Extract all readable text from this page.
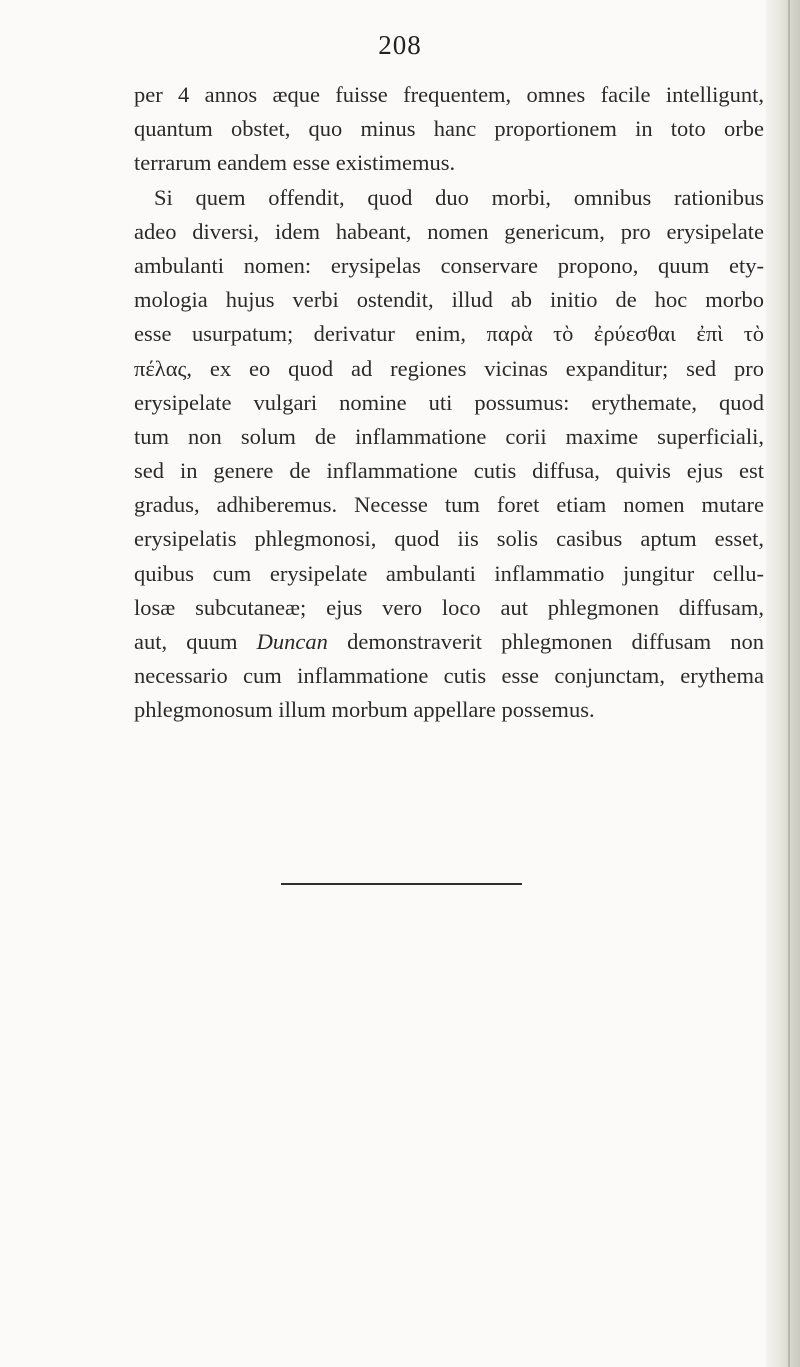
208
per 4 annos æque fuisse frequentem, omnes facile intelligunt,
quantum obstet, quo minus hanc proportionem in toto orbe
terrarum eandem esse existimemus.
Si quem offendit, quod duo morbi, omnibus rationibus
adeo diversi, idem habeant, nomen genericum, pro erysipelate
ambulanti nomen: erysipelas conservare propono, quum ety-
mologia hujus verbi ostendit, illud ab initio de hoc morbo
esse usurpatum; derivatur enim, παρὰ τὸ ἐρύεσθαι ἐπὶ τὸ
πέλας, ex eo quod ad regiones vicinas expanditur; sed pro
erysipelate vulgari nomine uti possumus: erythemate, quod
tum non solum de inflammatione corii maxime superficiali,
sed in genere de inflammatione cutis diffusa, quivis ejus est
gradus, adhiberemus. Necesse tum foret etiam nomen mutare
erysipelatis phlegmonosi, quod iis solis casibus aptum esset,
quibus cum erysipelate ambulanti inflammatio jungitur cellu-
losæ subcutaneæ; ejus vero loco aut phlegmonen diffusam,
aut, quum Duncan demonstraverit phlegmonen diffusam non
necessario cum inflammatione cutis esse conjunctam, erythema
phlegmonosum illum morbum appellare possemus.
